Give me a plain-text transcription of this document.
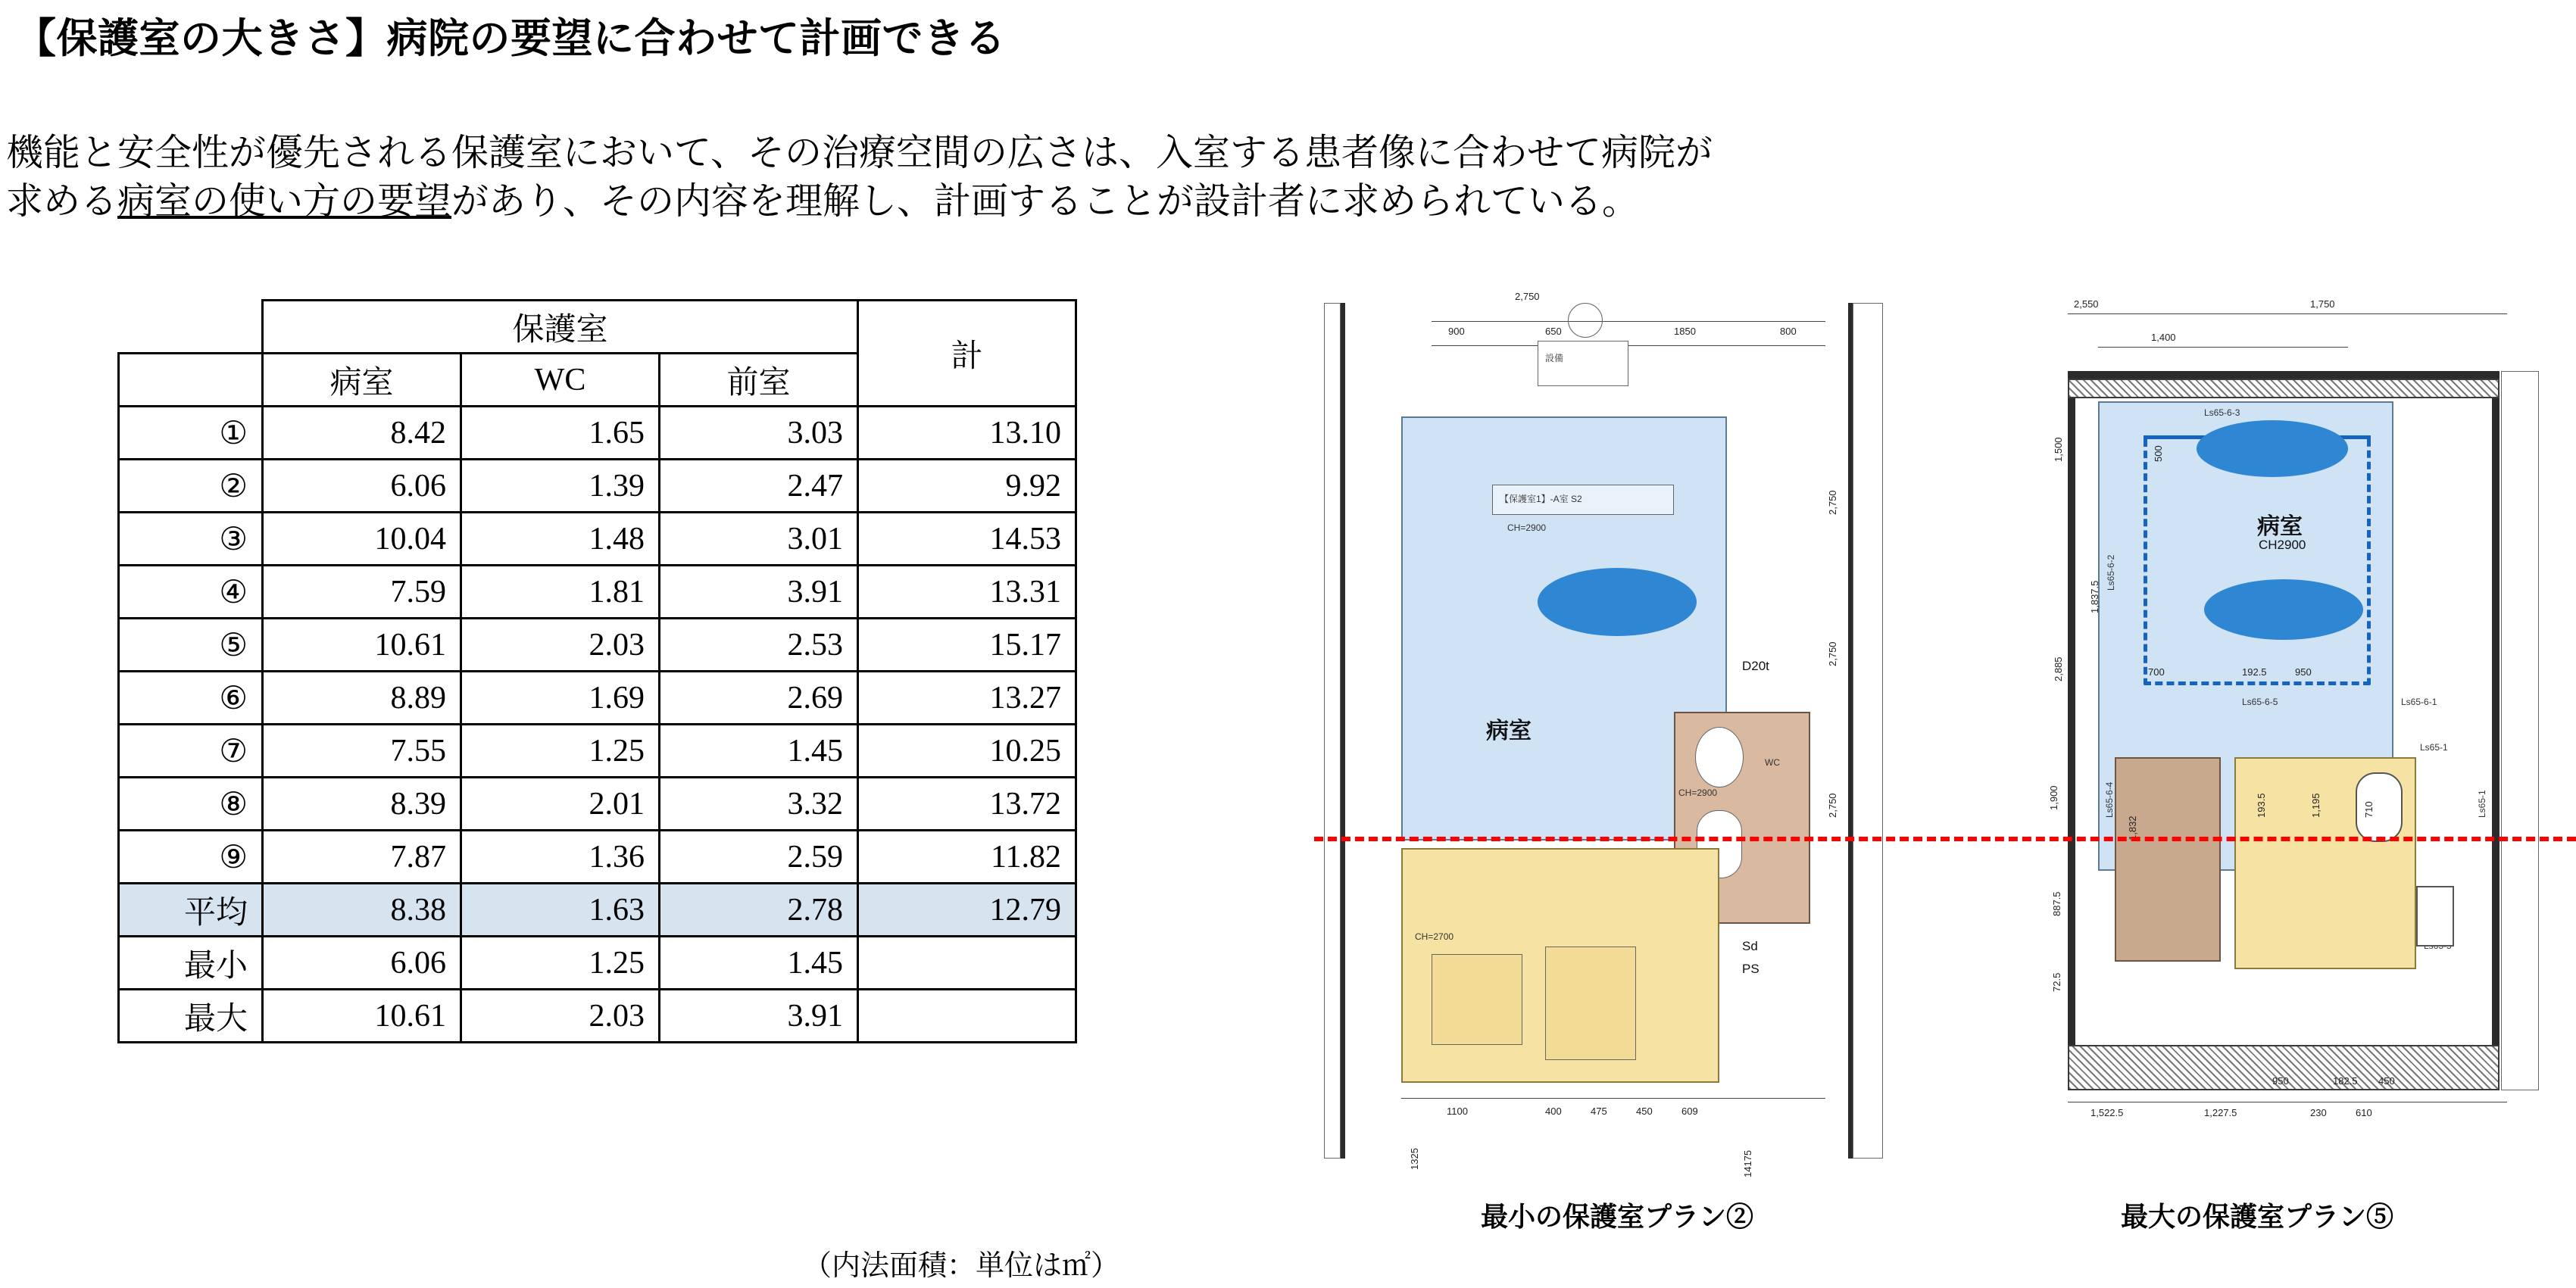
【保護室の大きさ】病院の要望に合わせて計画できる
機能と安全性が優先される保護室において、その治療空間の広さは、入室する患者像に合わせて病院が
求める病室の使い方の要望があり、その内容を理解し、計画することが設計者に求められている。
	保護室			計
	病室	WC	前室	
①	8.42	1.65	3.03	13.10
②	6.06	1.39	2.47	9.92
③	10.04	1.48	3.01	14.53
④	7.59	1.81	3.91	13.31
⑤	10.61	2.03	2.53	15.17
⑥	8.89	1.69	2.69	13.27
⑦	7.55	1.25	1.45	10.25
⑧	8.39	2.01	3.32	13.72
⑨	7.87	1.36	2.59	11.82
平均	8.38	1.63	2.78	12.79
最小	6.06	1.25	1.45	
最大	10.61	2.03	3.91	
（内法面積：単位は㎡）
2,750
900	650	1850	800
設備
【保護室1】-A室 S2
CH=2900
病室
WC
CH=2900
CH=2700
PS
Sd
D20t
2,750
2,750
2,750
1100	400	475	450	609
1325	14175
最小の保護室プラン②
2,550	1,750
1,400
病室
CH2900
Ls65-6-3
Ls65-6-2
Ls65-6-5	Ls65-6-1
Ls65-6-4	Ls65-1
Ls65-1
1,500
1,837.5
2,885
1,900
887.5
72.5
500
1,195	710
193.5
700	192.5	950
1,832
1,522.5	1,227.5	230	610
950	182.5 450
最大の保護室プラン⑤
